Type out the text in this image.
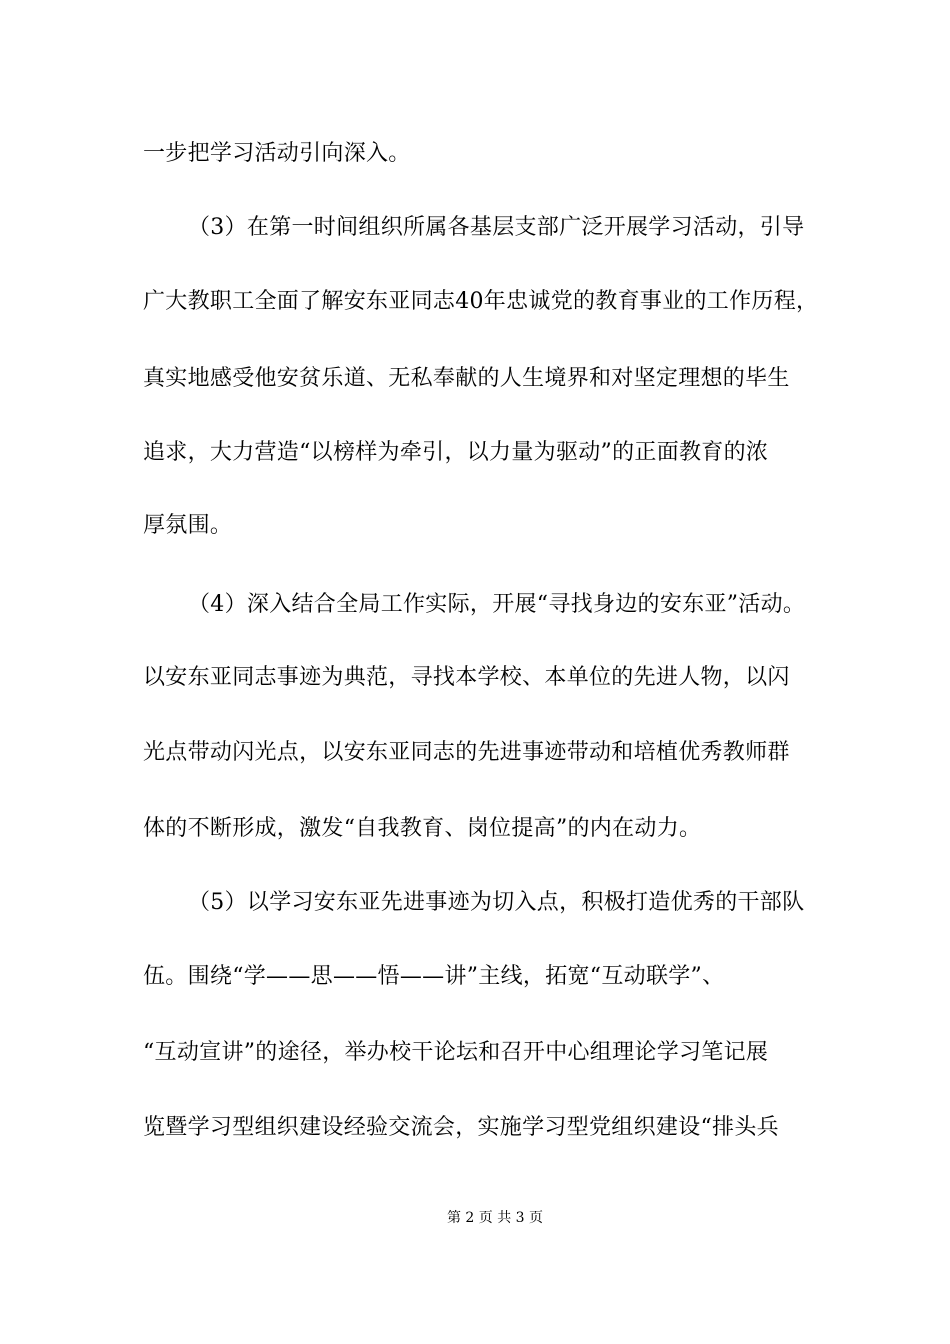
一步把学习活动引向深入。
（3）在第一时间组织所属各基层支部广泛开展学习活动，引导
广大教职工全面了解安东亚同志40年忠诚党的教育事业的工作历程，
真实地感受他安贫乐道、无私奉献的人生境界和对坚定理想的毕生
追求，大力营造“以榜样为牵引，以力量为驱动”的正面教育的浓
厚氛围。
（4）深入结合全局工作实际，开展“寻找身边的安东亚”活动。
以安东亚同志事迹为典范，寻找本学校、本单位的先进人物，以闪
光点带动闪光点，以安东亚同志的先进事迹带动和培植优秀教师群
体的不断形成，激发“自我教育、岗位提高”的内在动力。
（5）以学习安东亚先进事迹为切入点，积极打造优秀的干部队
伍。围绕“学——思——悟——讲”主线，拓宽“互动联学”、
“互动宣讲”的途径，举办校干论坛和召开中心组理论学习笔记展
览暨学习型组织建设经验交流会，实施学习型党组织建设“排头兵
第 2 页 共 3 页
